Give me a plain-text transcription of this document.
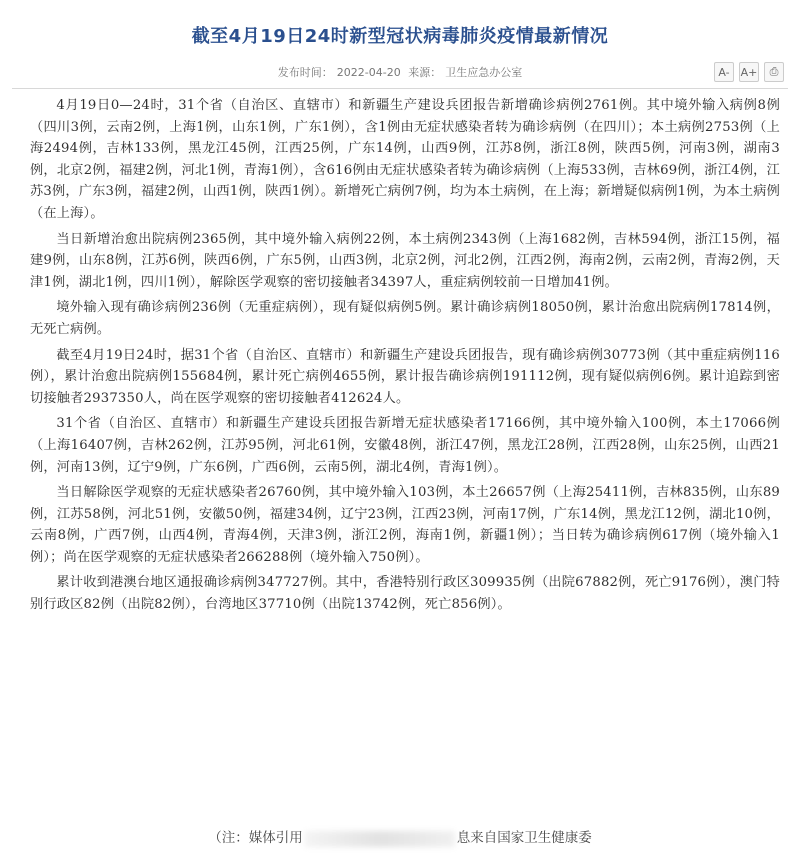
截至4月19日24时新型冠状病毒肺炎疫情最新情况
发布时间： 2022-04-20 来源： 卫生应急办公室	A-	A+ ⎙

4月19日0—24时，31个省（自治区、直辖市）和新疆生产建设兵团报告新增确诊病例2761例。其中境外输入病例8例（四川3例，云南2例，上海1例，山东1例，广东1例），含1例由无症状感染者转为确诊病例（在四川）；本土病例2753例（上海2494例，吉林133例，黑龙江45例，江西25例，广东14例，山西9例，江苏8例，浙江8例，陕西5例，河南3例，湖南3例，北京2例，福建2例，河北1例，青海1例），含616例由无症状感染者转为确诊病例（上海533例，吉林69例，浙江4例，江苏3例，广东3例，福建2例，山西1例，陕西1例）。新增死亡病例7例，均为本土病例，在上海；新增疑似病例1例，为本土病例（在上海）。

当日新增治愈出院病例2365例，其中境外输入病例22例，本土病例2343例（上海1682例，吉林594例，浙江15例，福建9例，山东8例，江苏6例，陕西6例，广东5例，山西3例，北京2例，河北2例，江西2例，海南2例，云南2例，青海2例，天津1例，湖北1例，四川1例），解除医学观察的密切接触者34397人，重症病例较前一日增加41例。

境外输入现有确诊病例236例（无重症病例），现有疑似病例5例。累计确诊病例18050例，累计治愈出院病例17814例，无死亡病例。

截至4月19日24时，据31个省（自治区、直辖市）和新疆生产建设兵团报告，现有确诊病例30773例（其中重症病例116例），累计治愈出院病例155684例，累计死亡病例4655例，累计报告确诊病例191112例，现有疑似病例6例。累计追踪到密切接触者2937350人，尚在医学观察的密切接触者412624人。

31个省（自治区、直辖市）和新疆生产建设兵团报告新增无症状感染者17166例，其中境外输入100例，本土17066例（上海16407例，吉林262例，江苏95例，河北61例，安徽48例，浙江47例，黑龙江28例，江西28例，山东25例，山西21例，河南13例，辽宁9例，广东6例，广西6例，云南5例，湖北4例，青海1例）。

当日解除医学观察的无症状感染者26760例，其中境外输入103例，本土26657例（上海25411例，吉林835例，山东89例，江苏58例，河北51例，安徽50例，福建34例，辽宁23例，江西23例，河南17例，广东14例，黑龙江12例，湖北10例，云南8例，广西7例，山西4例，青海4例，天津3例，浙江2例，海南1例，新疆1例）；当日转为确诊病例617例（境外输入1例）；尚在医学观察的无症状感染者266288例（境外输入750例）。

累计收到港澳台地区通报确诊病例347727例。其中，香港特别行政区309935例（出院67882例，死亡9176例），澳门特别行政区82例（出院82例），台湾地区37710例（出院13742例，死亡856例）。

（注：媒体引用	息来自国家卫生健康委
